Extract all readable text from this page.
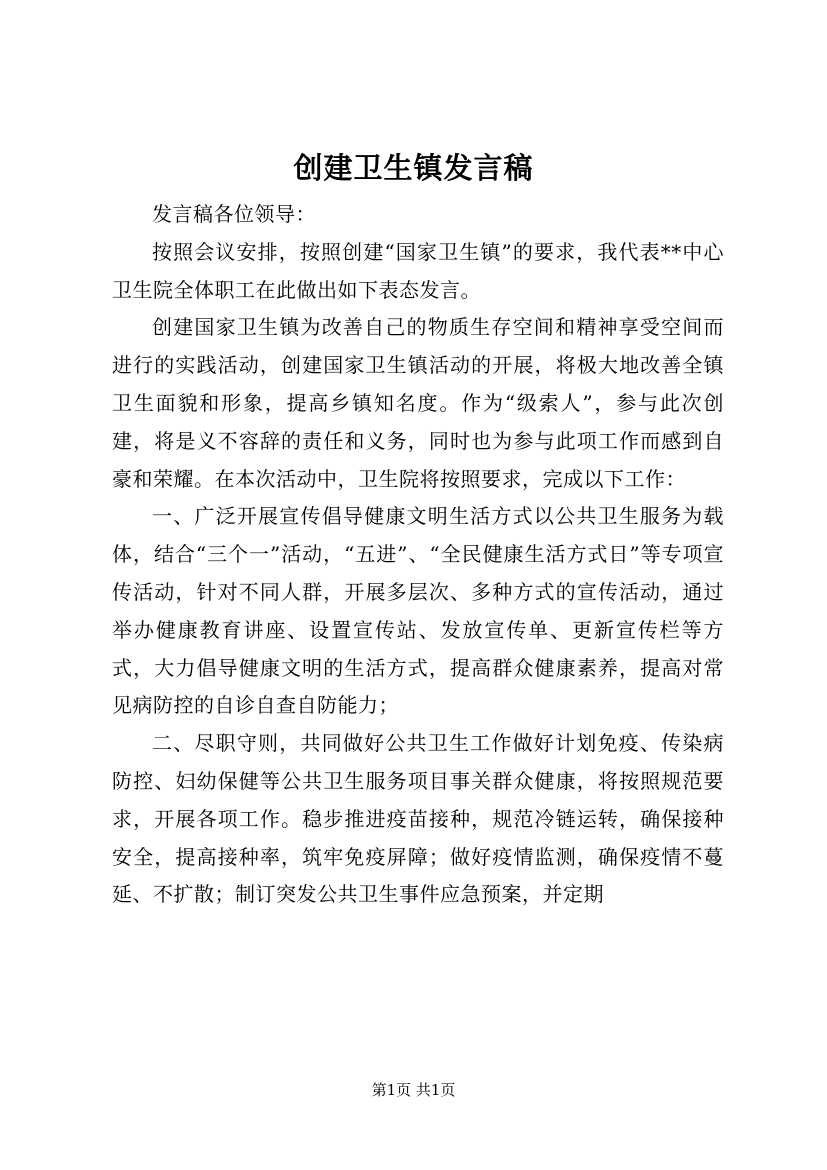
创建卫生镇发言稿

发言稿各位领导：

按照会议安排，按照创建“国家卫生镇”的要求，我代表**中心卫生院全体职工在此做出如下表态发言。

创建国家卫生镇为改善自己的物质生存空间和精神享受空间而进行的实践活动，创建国家卫生镇活动的开展，将极大地改善全镇卫生面貌和形象，提高乡镇知名度。作为“级索人”，参与此次创建，将是义不容辞的责任和义务，同时也为参与此项工作而感到自豪和荣耀。在本次活动中，卫生院将按照要求，完成以下工作：

一、广泛开展宣传倡导健康文明生活方式以公共卫生服务为载体，结合“三个一”活动，“五进”、“全民健康生活方式日”等专项宣传活动，针对不同人群，开展多层次、多种方式的宣传活动，通过举办健康教育讲座、设置宣传站、发放宣传单、更新宣传栏等方式，大力倡导健康文明的生活方式，提高群众健康素养，提高对常见病防控的自诊自查自防能力；

二、尽职守则，共同做好公共卫生工作做好计划免疫、传染病防控、妇幼保健等公共卫生服务项目事关群众健康，将按照规范要求，开展各项工作。稳步推进疫苗接种，规范冷链运转，确保接种安全，提高接种率，筑牢免疫屏障；做好疫情监测，确保疫情不蔓延、不扩散；制订突发公共卫生事件应急预案，并定期

第1页 共1页
